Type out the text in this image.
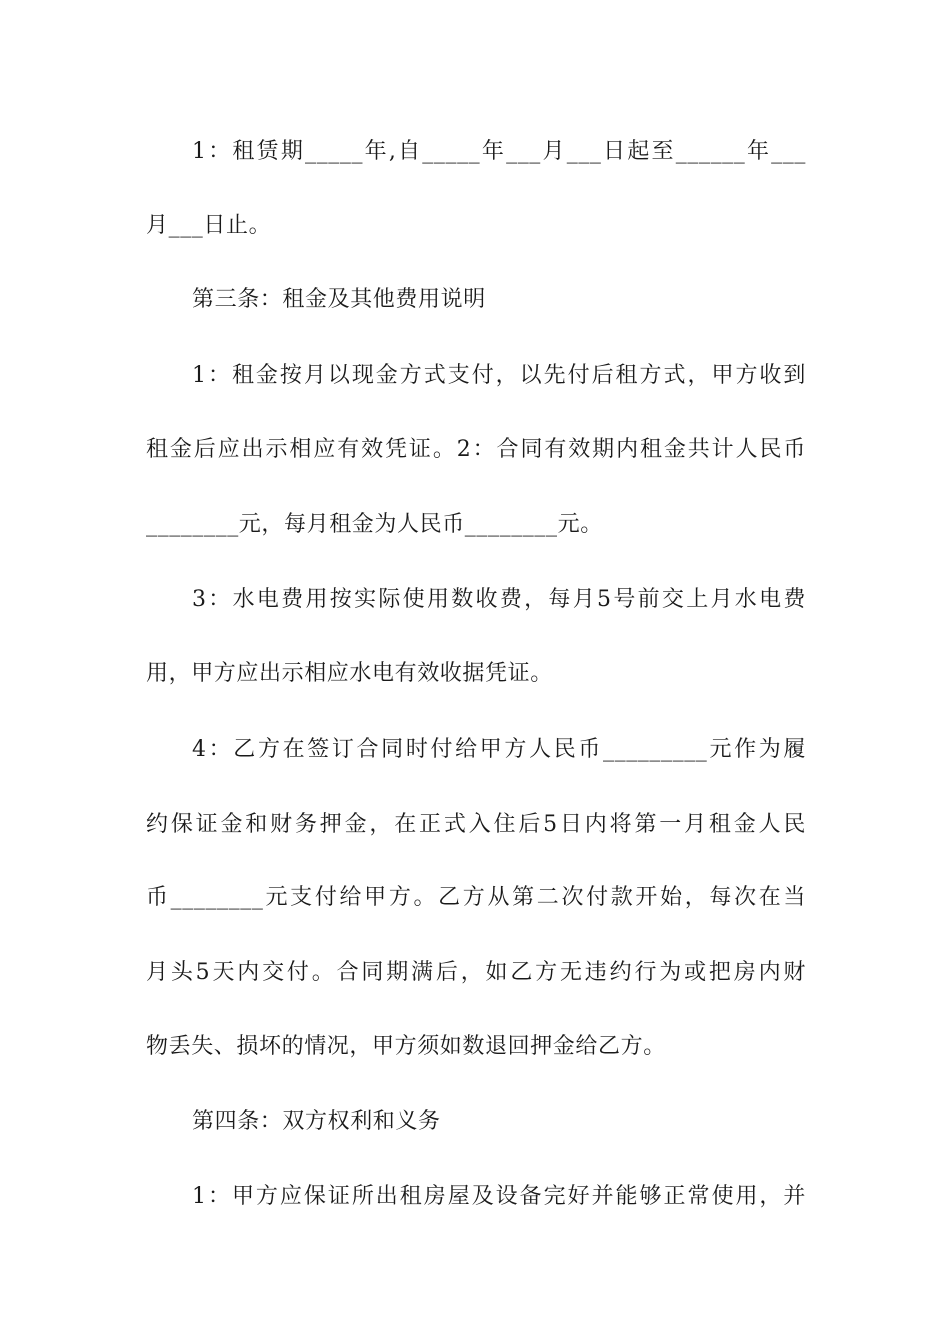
1：租赁期_____年,自_____年___月___日起至______年___
月___日止。
第三条：租金及其他费用说明
1：租金按月以现金方式支付，以先付后租方式，甲方收到
租金后应出示相应有效凭证。2：合同有效期内租金共计人民币
________元，每月租金为人民币________元。
3：水电费用按实际使用数收费，每月5号前交上月水电费
用，甲方应出示相应水电有效收据凭证。
4：乙方在签订合同时付给甲方人民币_________元作为履
约保证金和财务押金，在正式入住后5日内将第一月租金人民
币________元支付给甲方。乙方从第二次付款开始，每次在当
月头5天内交付。合同期满后，如乙方无违约行为或把房内财
物丢失、损坏的情况，甲方须如数退回押金给乙方。
第四条：双方权利和义务
1：甲方应保证所出租房屋及设备完好并能够正常使用，并
